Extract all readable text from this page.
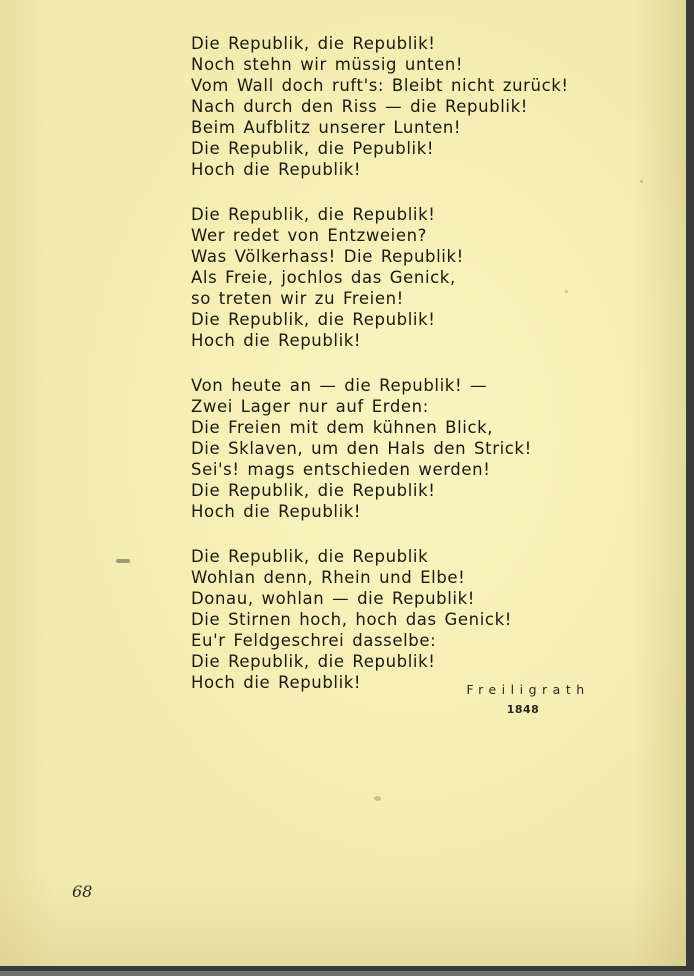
Die Republik, die Republik!
Noch stehn wir müssig unten!
Vom Wall doch ruft's: Bleibt nicht zurück!
Nach durch den Riss — die Republik!
Beim Aufblitz unserer Lunten!
Die Republik, die Pepublik!
Hoch die Republik!
Die Republik, die Republik!
Wer redet von Entzweien?
Was Völkerhass! Die Republik!
Als Freie, jochlos das Genick,
so treten wir zu Freien!
Die Republik, die Republik!
Hoch die Republik!
Von heute an — die Republik! —
Zwei Lager nur auf Erden:
Die Freien mit dem kühnen Blick,
Die Sklaven, um den Hals den Strick!
Sei's! mags entschieden werden!
Die Republik, die Republik!
Hoch die Republik!
Die Republik, die Republik
Wohlan denn, Rhein und Elbe!
Donau, wohlan — die Republik!
Die Stirnen hoch, hoch das Genick!
Eu'r Feldgeschrei dasselbe:
Die Republik, die Republik!
Hoch die Republik!	Freiligrath
1848
68
